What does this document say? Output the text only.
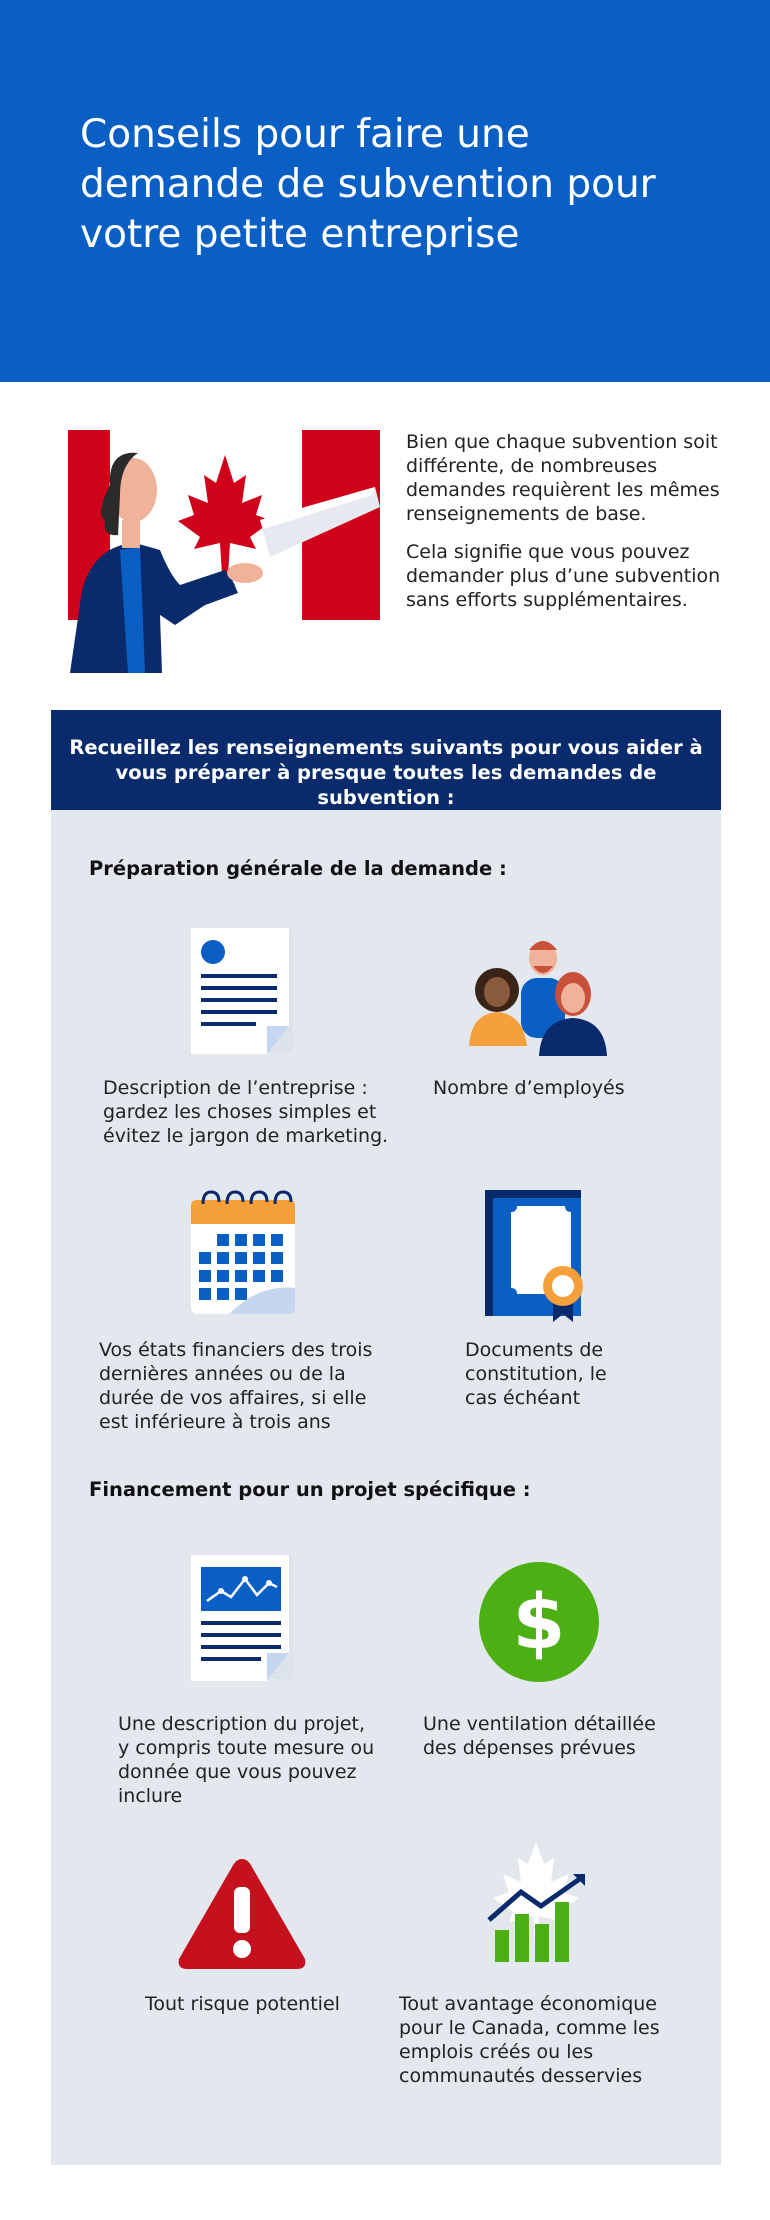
Conseils pour faire une demande de subvention pour votre petite entreprise

Bien que chaque subvention soit différente, de nombreuses demandes requièrent les mêmes renseignements de base.

Cela signifie que vous pouvez demander plus d’une subvention sans efforts supplémentaires.

Recueillez les renseignements suivants pour vous aider à vous préparer à presque toutes les demandes de subvention :
Préparation générale de la demande :
Description de l’entreprise : gardez les choses simples et évitez le jargon de marketing.
Nombre d’employés
Vos états financiers des trois dernières années ou de la durée de vos affaires, si elle est inférieure à trois ans
Documents de constitution, le cas échéant
Financement pour un projet spécifique :
Une description du projet, y compris toute mesure ou donnée que vous pouvez inclure
$
Une ventilation détaillée des dépenses prévues
Tout risque potentiel	Tout avantage économique pour le Canada, comme les emplois créés ou les communautés desservies
